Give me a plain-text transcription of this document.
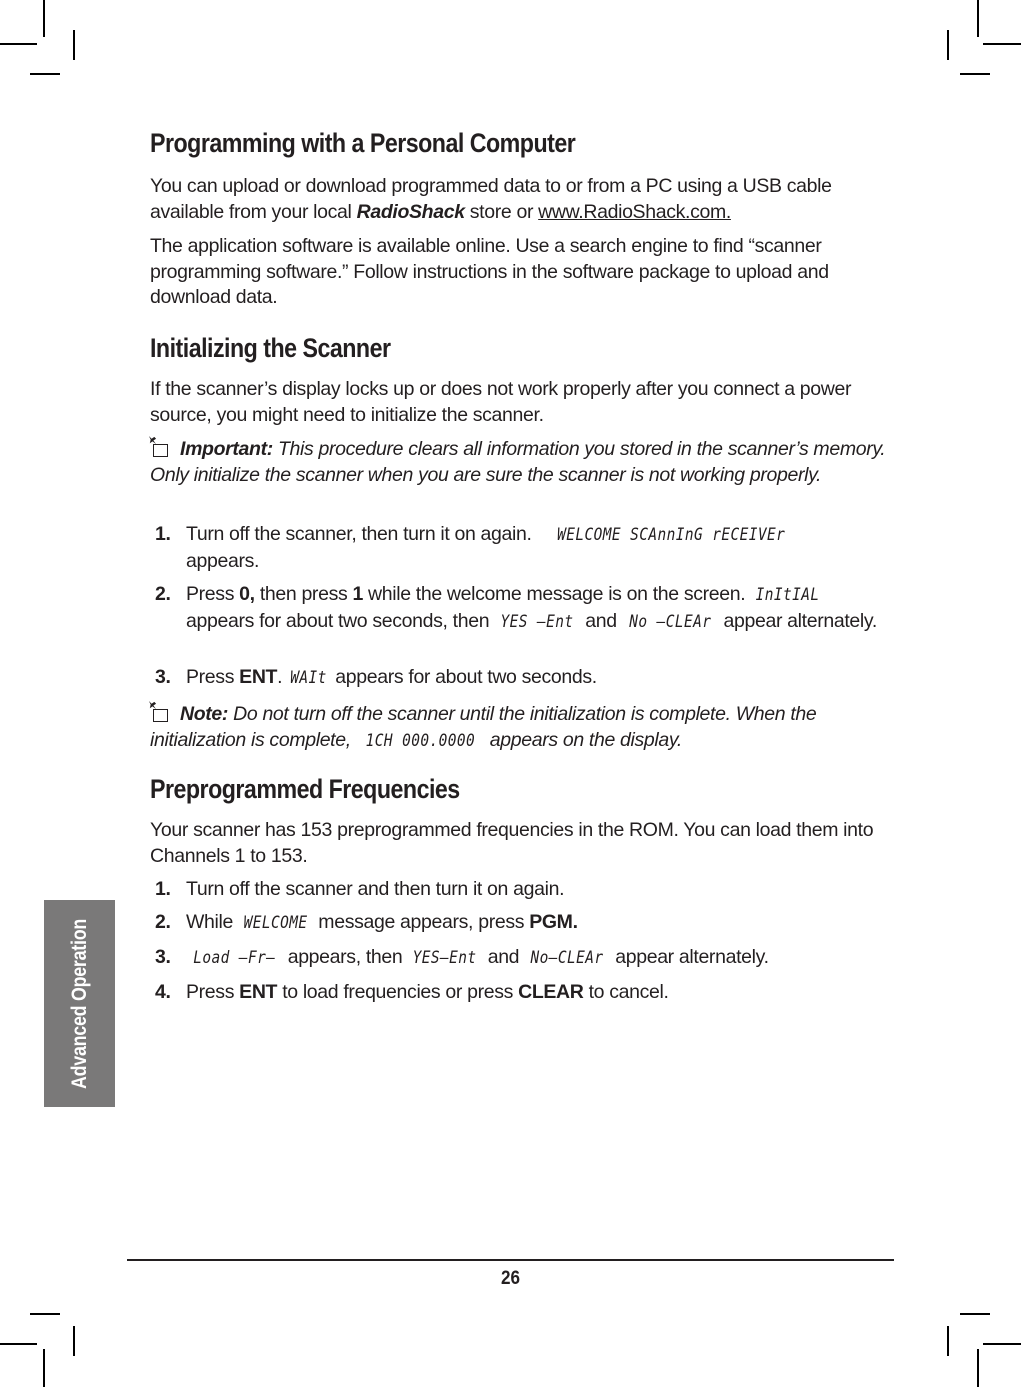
Programming with a Personal Computer

You can upload or download programmed data to or from a PC using a USB cable available from your local RadioShack store or www.RadioShack.com.

The application software is available online. Use a search engine to find “scanner programming software.” Follow instructions in the software package to upload and download data.

Initializing the Scanner

If the scanner’s display locks up or does not work properly after you connect a power source, you might need to initialize the scanner.

Important: This procedure clears all information you stored in the scanner’s memory. Only initialize the scanner when you are sure the scanner is not working properly.

1. Turn off the scanner, then turn it on again. WELCOME SCAnnInG rECEIVEr
appears.
2. Press 0, then press 1 while the welcome message is on the screen. InItIAL appears for about two seconds, then YES —Ent and No —CLEAr appear alternately.
3. Press ENT. WAIt appears for about two seconds.

Note: Do not turn off the scanner until the initialization is complete. When the initialization is complete, 1CH 000.0000 appears on the display.

Preprogrammed Frequencies

Your scanner has 153 preprogrammed frequencies in the ROM. You can load them into Channels 1 to 153.

1. Turn off the scanner and then turn it on again.
2. While WELCOME message appears, press PGM.
3.	Load –Fr– appears, then YES—Ent and No—CLEAr appear alternately.
4. Press ENT to load frequencies or press CLEAR to cancel.
Advanced Operation
26
